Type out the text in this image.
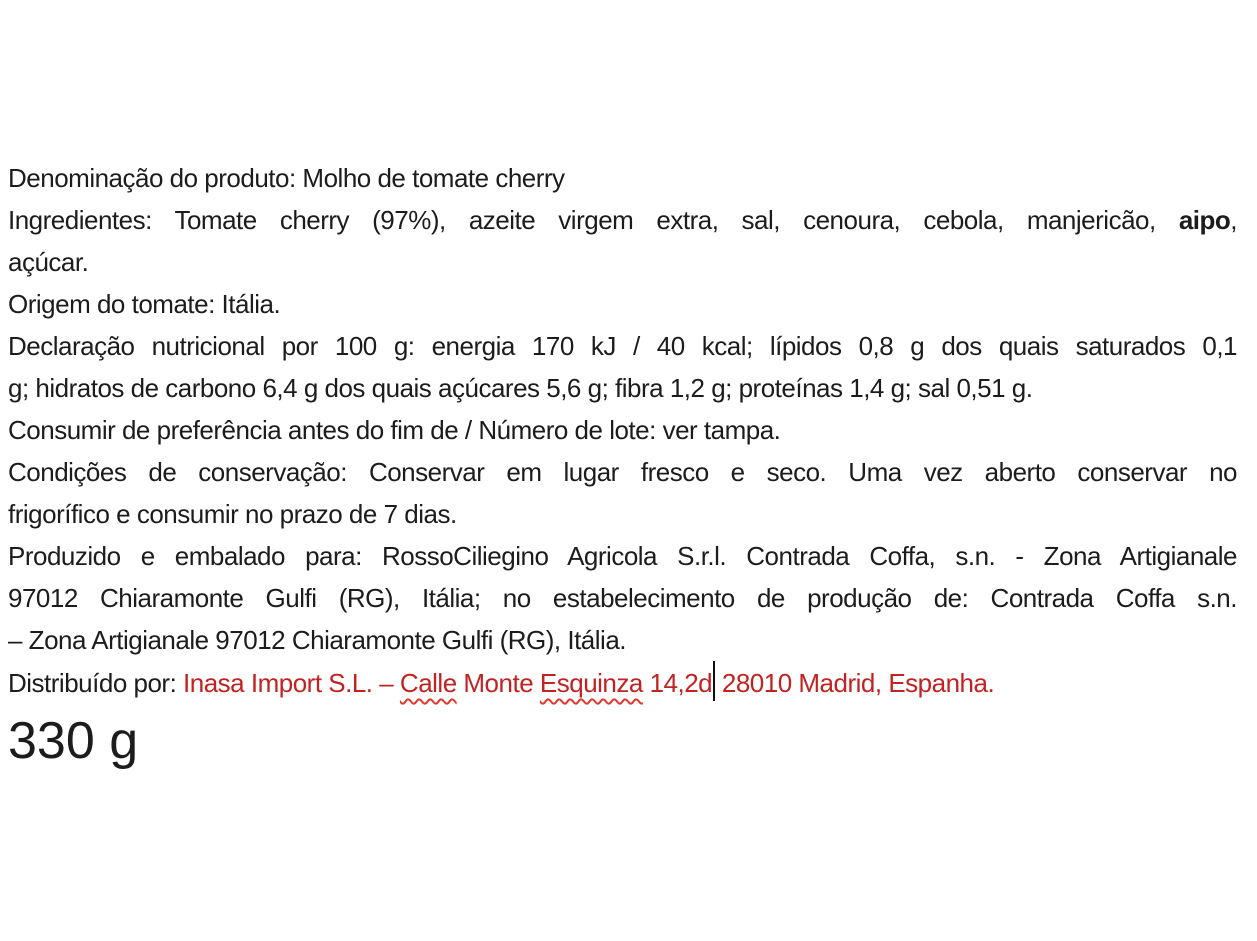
Denominação do produto: Molho de tomate cherry
Ingredientes: Tomate cherry (97%), azeite virgem extra, sal, cenoura, cebola, manjericão, aipo,
açúcar.
Origem do tomate: Itália.
Declaração nutricional por 100 g: energia 170 kJ / 40 kcal; lípidos 0,8 g dos quais saturados 0,1
g; hidratos de carbono 6,4 g dos quais açúcares 5,6 g; fibra 1,2 g; proteínas 1,4 g; sal 0,51 g.
Consumir de preferência antes do fim de / Número de lote: ver tampa.
Condições de conservação: Conservar em lugar fresco e seco. Uma vez aberto conservar no
frigorífico e consumir no prazo de 7 dias.
Produzido e embalado para: RossoCiliegino Agricola S.r.l. Contrada Coffa, s.n. - Zona Artigianale
97012 Chiaramonte Gulfi (RG), Itália; no estabelecimento de produção de: Contrada Coffa s.n.
– Zona Artigianale 97012 Chiaramonte Gulfi (RG), Itália.
Distribuído por: Inasa Import S.L. – Calle Monte Esquinza 14,2d 28010 Madrid, Espanha.
330 g
